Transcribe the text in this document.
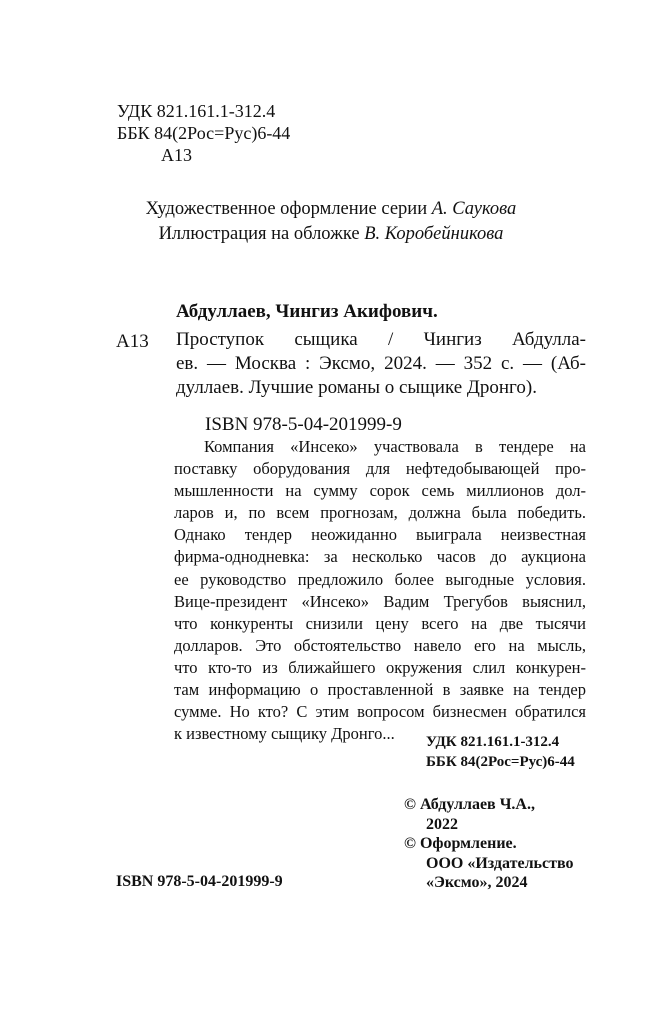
УДК 821.161.1-312.4
ББК 84(2Рос=Рус)6-44
А13
Художественное оформление серии А. Саукова
Иллюстрация на обложке В. Коробейникова
Абдуллаев, Чингиз Акифович.
А13 Проступок сыщика / Чингиз Абдулла-
ев. — Москва : Эксмо, 2024. — 352 с. — (Аб-
дуллаев. Лучшие романы о сыщике Дронго).
ISBN 978-5-04-201999-9
Компания «Инсеко» участвовала в тендере на
поставку оборудования для нефтедобывающей про-
мышленности на сумму сорок семь миллионов дол-
ларов и, по всем прогнозам, должна была победить.
Однако тендер неожиданно выиграла неизвестная
фирма-однодневка: за несколько часов до аукциона
ее руководство предложило более выгодные условия.
Вице-президент «Инсеко» Вадим Трегубов выяснил,
что конкуренты снизили цену всего на две тысячи
долларов. Это обстоятельство навело его на мысль,
что кто-то из ближайшего окружения слил конкурен-
там информацию о проставленной в заявке на тендер
сумме. Но кто? С этим вопросом бизнесмен обратился
к известному сыщику Дронго...	УДК 821.161.1-312.4
ББК 84(2Рос=Рус)6-44
© Абдуллаев Ч.А.,
2022
© Оформление.
ООО «Издательство
«Эксмо», 2024
ISBN 978-5-04-201999-9
